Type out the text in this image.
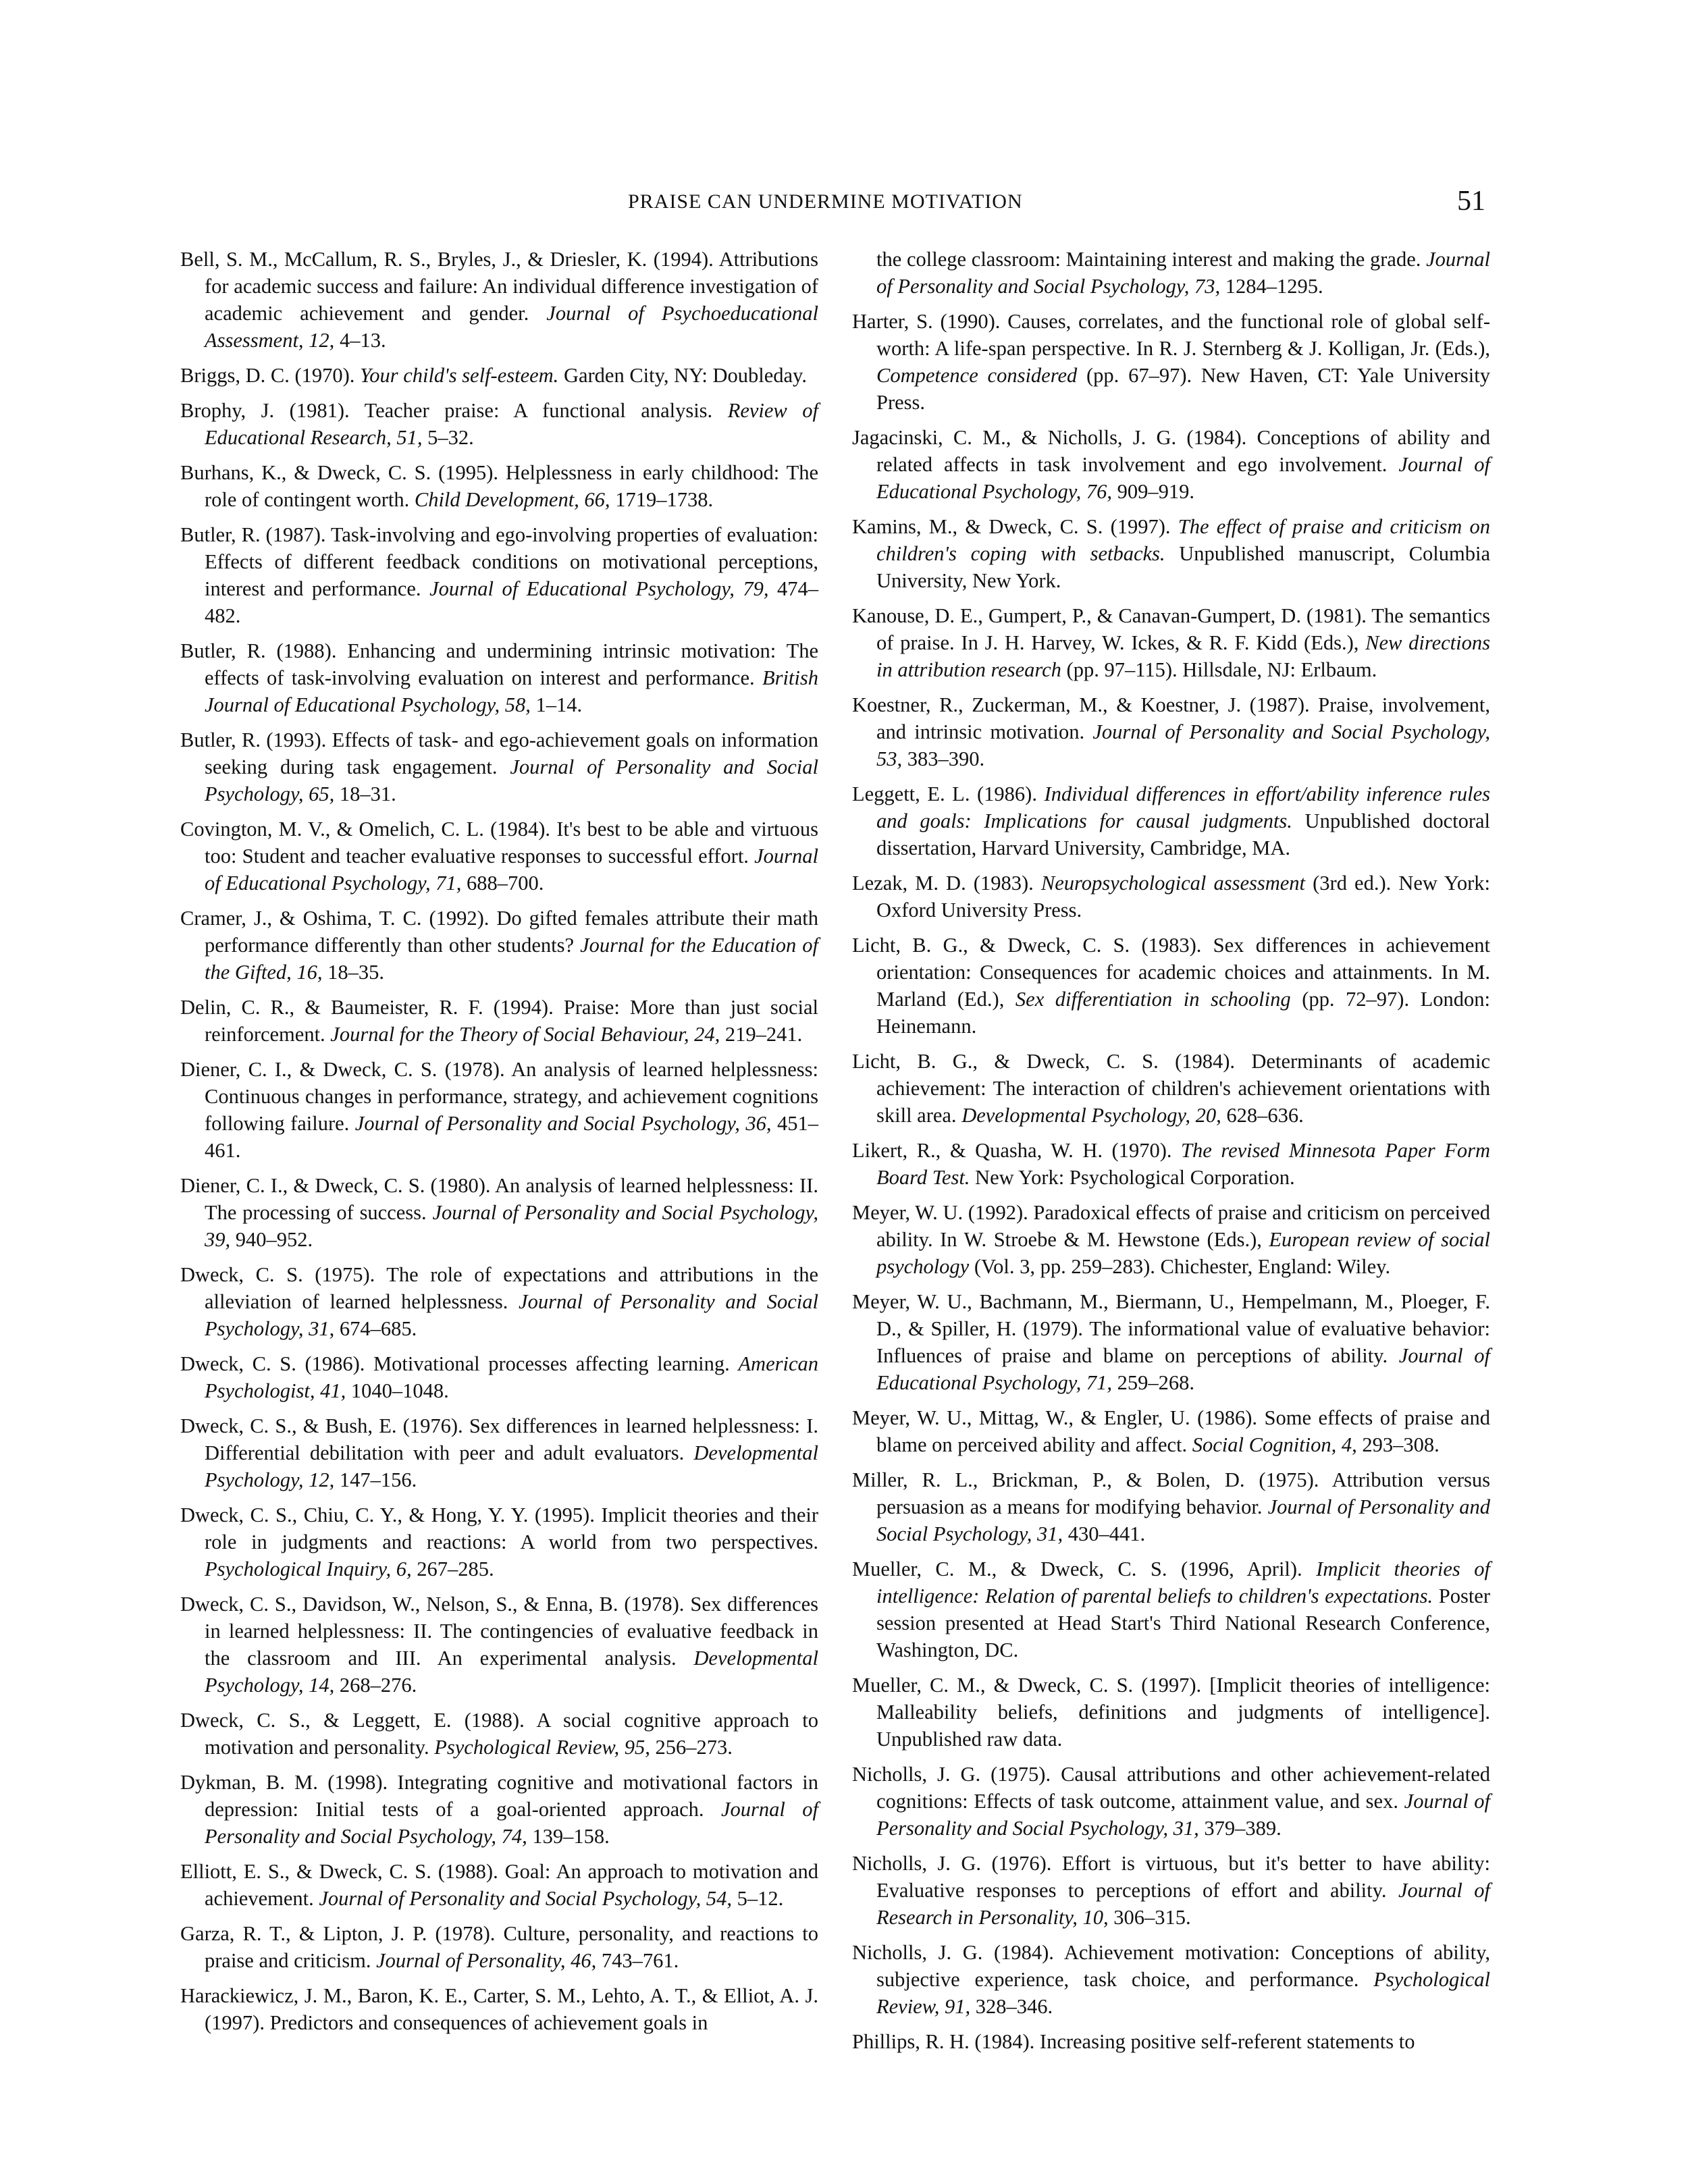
PRAISE CAN UNDERMINE MOTIVATION	51

Bell, S. M., McCallum, R. S., Bryles, J., & Driesler, K. (1994). Attributions for academic success and failure: An individual difference investigation of academic achievement and gender. Journal of Psychoeducational Assessment, 12, 4–13.

Briggs, D. C. (1970). Your child's self-esteem. Garden City, NY: Doubleday.

Brophy, J. (1981). Teacher praise: A functional analysis. Review of Educational Research, 51, 5–32.

Burhans, K., & Dweck, C. S. (1995). Helplessness in early childhood: The role of contingent worth. Child Development, 66, 1719–1738.

Butler, R. (1987). Task-involving and ego-involving properties of evaluation: Effects of different feedback conditions on motivational perceptions, interest and performance. Journal of Educational Psychology, 79, 474–482.

Butler, R. (1988). Enhancing and undermining intrinsic motivation: The effects of task-involving evaluation on interest and performance. British Journal of Educational Psychology, 58, 1–14.

Butler, R. (1993). Effects of task- and ego-achievement goals on information seeking during task engagement. Journal of Personality and Social Psychology, 65, 18–31.

Covington, M. V., & Omelich, C. L. (1984). It's best to be able and virtuous too: Student and teacher evaluative responses to successful effort. Journal of Educational Psychology, 71, 688–700.

Cramer, J., & Oshima, T. C. (1992). Do gifted females attribute their math performance differently than other students? Journal for the Education of the Gifted, 16, 18–35.

Delin, C. R., & Baumeister, R. F. (1994). Praise: More than just social reinforcement. Journal for the Theory of Social Behaviour, 24, 219–241.

Diener, C. I., & Dweck, C. S. (1978). An analysis of learned helplessness: Continuous changes in performance, strategy, and achievement cognitions following failure. Journal of Personality and Social Psychology, 36, 451–461.

Diener, C. I., & Dweck, C. S. (1980). An analysis of learned helplessness: II. The processing of success. Journal of Personality and Social Psychology, 39, 940–952.

Dweck, C. S. (1975). The role of expectations and attributions in the alleviation of learned helplessness. Journal of Personality and Social Psychology, 31, 674–685.

Dweck, C. S. (1986). Motivational processes affecting learning. American Psychologist, 41, 1040–1048.

Dweck, C. S., & Bush, E. (1976). Sex differences in learned helplessness: I. Differential debilitation with peer and adult evaluators. Developmental Psychology, 12, 147–156.

Dweck, C. S., Chiu, C. Y., & Hong, Y. Y. (1995). Implicit theories and their role in judgments and reactions: A world from two perspectives. Psychological Inquiry, 6, 267–285.

Dweck, C. S., Davidson, W., Nelson, S., & Enna, B. (1978). Sex differences in learned helplessness: II. The contingencies of evaluative feedback in the classroom and III. An experimental analysis. Developmental Psychology, 14, 268–276.

Dweck, C. S., & Leggett, E. (1988). A social cognitive approach to motivation and personality. Psychological Review, 95, 256–273.

Dykman, B. M. (1998). Integrating cognitive and motivational factors in depression: Initial tests of a goal-oriented approach. Journal of Personality and Social Psychology, 74, 139–158.

Elliott, E. S., & Dweck, C. S. (1988). Goal: An approach to motivation and achievement. Journal of Personality and Social Psychology, 54, 5–12.

Garza, R. T., & Lipton, J. P. (1978). Culture, personality, and reactions to praise and criticism. Journal of Personality, 46, 743–761.

Harackiewicz, J. M., Baron, K. E., Carter, S. M., Lehto, A. T., & Elliot, A. J. (1997). Predictors and consequences of achievement goals in

the college classroom: Maintaining interest and making the grade. Journal of Personality and Social Psychology, 73, 1284–1295.

Harter, S. (1990). Causes, correlates, and the functional role of global self-worth: A life-span perspective. In R. J. Sternberg & J. Kolligan, Jr. (Eds.), Competence considered (pp. 67–97). New Haven, CT: Yale University Press.

Jagacinski, C. M., & Nicholls, J. G. (1984). Conceptions of ability and related affects in task involvement and ego involvement. Journal of Educational Psychology, 76, 909–919.

Kamins, M., & Dweck, C. S. (1997). The effect of praise and criticism on children's coping with setbacks. Unpublished manuscript, Columbia University, New York.

Kanouse, D. E., Gumpert, P., & Canavan-Gumpert, D. (1981). The semantics of praise. In J. H. Harvey, W. Ickes, & R. F. Kidd (Eds.), New directions in attribution research (pp. 97–115). Hillsdale, NJ: Erlbaum.

Koestner, R., Zuckerman, M., & Koestner, J. (1987). Praise, involvement, and intrinsic motivation. Journal of Personality and Social Psychology, 53, 383–390.

Leggett, E. L. (1986). Individual differences in effort/ability inference rules and goals: Implications for causal judgments. Unpublished doctoral dissertation, Harvard University, Cambridge, MA.

Lezak, M. D. (1983). Neuropsychological assessment (3rd ed.). New York: Oxford University Press.

Licht, B. G., & Dweck, C. S. (1983). Sex differences in achievement orientation: Consequences for academic choices and attainments. In M. Marland (Ed.), Sex differentiation in schooling (pp. 72–97). London: Heinemann.

Licht, B. G., & Dweck, C. S. (1984). Determinants of academic achievement: The interaction of children's achievement orientations with skill area. Developmental Psychology, 20, 628–636.

Likert, R., & Quasha, W. H. (1970). The revised Minnesota Paper Form Board Test. New York: Psychological Corporation.

Meyer, W. U. (1992). Paradoxical effects of praise and criticism on perceived ability. In W. Stroebe & M. Hewstone (Eds.), European review of social psychology (Vol. 3, pp. 259–283). Chichester, England: Wiley.

Meyer, W. U., Bachmann, M., Biermann, U., Hempelmann, M., Ploeger, F. D., & Spiller, H. (1979). The informational value of evaluative behavior: Influences of praise and blame on perceptions of ability. Journal of Educational Psychology, 71, 259–268.

Meyer, W. U., Mittag, W., & Engler, U. (1986). Some effects of praise and blame on perceived ability and affect. Social Cognition, 4, 293–308.

Miller, R. L., Brickman, P., & Bolen, D. (1975). Attribution versus persuasion as a means for modifying behavior. Journal of Personality and Social Psychology, 31, 430–441.

Mueller, C. M., & Dweck, C. S. (1996, April). Implicit theories of intelligence: Relation of parental beliefs to children's expectations. Poster session presented at Head Start's Third National Research Conference, Washington, DC.

Mueller, C. M., & Dweck, C. S. (1997). [Implicit theories of intelligence: Malleability beliefs, definitions and judgments of intelligence]. Unpublished raw data.

Nicholls, J. G. (1975). Causal attributions and other achievement-related cognitions: Effects of task outcome, attainment value, and sex. Journal of Personality and Social Psychology, 31, 379–389.

Nicholls, J. G. (1976). Effort is virtuous, but it's better to have ability: Evaluative responses to perceptions of effort and ability. Journal of Research in Personality, 10, 306–315.

Nicholls, J. G. (1984). Achievement motivation: Conceptions of ability, subjective experience, task choice, and performance. Psychological Review, 91, 328–346.

Phillips, R. H. (1984). Increasing positive self-referent statements to
